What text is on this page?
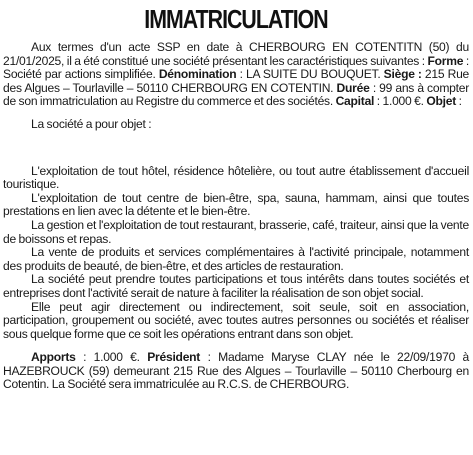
IMMATRICULATION

Aux termes d'un acte SSP en date à CHERBOURG EN COTENTITN (50) du 21/01/2025, il a été constitué une société présentant les caractéristiques suivantes : Forme : Société par actions simplifiée. Dénomination : LA SUITE DU BOUQUET. Siège : 215 Rue des Algues – Tourlaville – 50110 CHERBOURG EN COTENTIN. Durée : 99 ans à compter de son immatriculation au Registre du commerce et des sociétés. Capital : 1.000 €. Objet :

La société a pour objet :

L'exploitation de tout hôtel, résidence hôtelière, ou tout autre établissement d'accueil touristique.

L'exploitation de tout centre de bien-être, spa, sauna, hammam, ainsi que toutes prestations en lien avec la détente et le bien-être.

La gestion et l'exploitation de tout restaurant, brasserie, café, traiteur, ainsi que la vente de boissons et repas.

La vente de produits et services complémentaires à l'activité principale, notamment des produits de beauté, de bien-être, et des articles de restauration.

La société peut prendre toutes participations et tous intérêts dans toutes sociétés et entreprises dont l'activité serait de nature à faciliter la réalisation de son objet social.

Elle peut agir directement ou indirectement, soit seule, soit en association, participation, groupement ou société, avec toutes autres personnes ou sociétés et réaliser sous quelque forme que ce soit les opérations entrant dans son objet.

Apports : 1.000 €. Président : Madame Maryse CLAY née le 22/09/1970 à HAZEBROUCK (59) demeurant 215 Rue des Algues – Tourlaville – 50110 Cherbourg en Cotentin. La Société sera immatriculée au R.C.S. de CHERBOURG.
